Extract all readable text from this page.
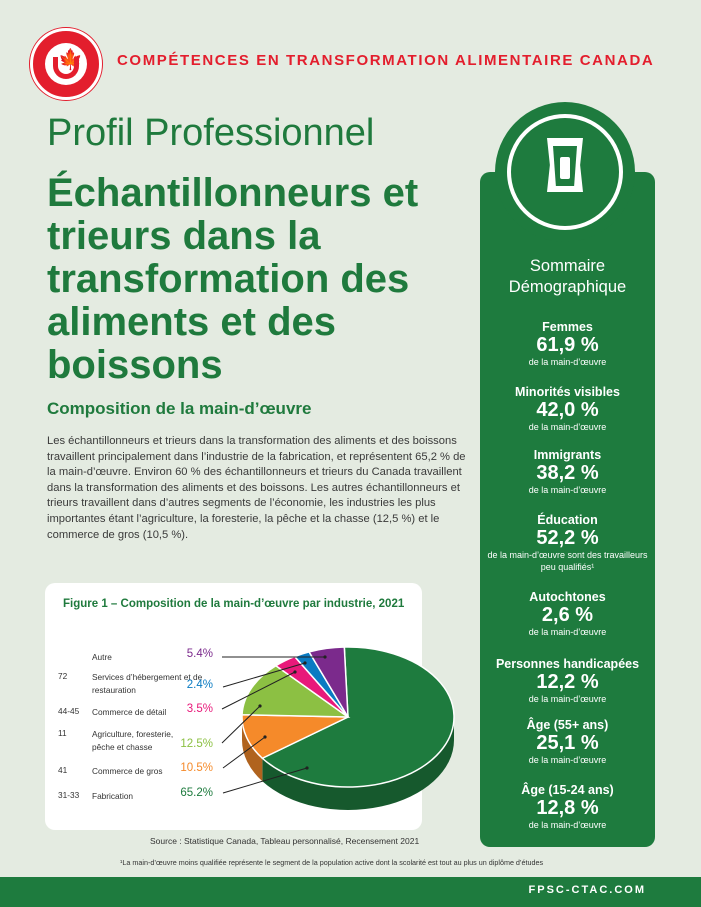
🍁 COMPÉTENCES EN TRANSFORMATION ALIMENTAIRE CANADA
Profil Professionnel
Échantillonneurs et trieurs dans la transformation des aliments et des boissons
Composition de la main-d’œuvre
Les échantillonneurs et trieurs dans la transformation des aliments et des boissons travaillent principalement dans l’industrie de la fabrication, et représentent 65,2 % de la main-d’œuvre. Environ 60 % des échantillonneurs et trieurs du Canada travaillent dans la transformation des aliments et des boissons. Les autres échantillonneurs et trieurs travaillent dans d’autres segments de l’économie, les industries les plus importantes étant l’agriculture, la foresterie, la pêche et la chasse (12,5 %) et le commerce de gros (10,5 %).
Figure 1 – Composition de la main-d’œuvre par industrie, 2021
Autre	5.4%
72	Services d’hébergement et de restauration	2.4%
44-45 Commerce de détail	3.5%
11	Agriculture, foresterie, pêche et chasse	12.5%
41	Commerce de gros	10.5%
31-33 Fabrication	65.2%
Source : Statistique Canada, Tableau personnalisé, Recensement 2021
Sommaire Démographique
Femmes
61,9 %
de la main-d’œuvre
Minorités visibles
42,0 %
de la main-d’œuvre
Immigrants
38,2 %
de la main-d’œuvre
Éducation
52,2 %
de la main-d’œuvre sont des travailleurs peu qualifiés¹
Autochtones
2,6 %
de la main-d’œuvre
Personnes handicapées
12,2 %
de la main-d’œuvre
Âge (55+ ans)
25,1 %
de la main-d’œuvre
Âge (15-24 ans)
12,8 %
de la main-d’œuvre
¹La main-d’œuvre moins qualifiée représente le segment de la population active dont la scolarité est tout au plus un diplôme d’études
FPSC-CTAC.COM
